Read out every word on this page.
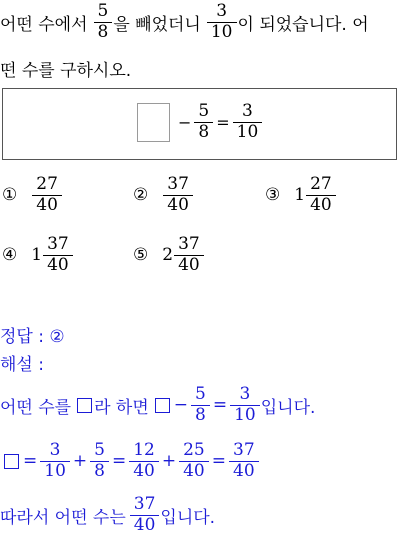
어떤 수에서 $\frac{5}{8}$ 을 빼었더니 $\frac{3}{10}$ 이 되었습니다. 어
떤 수를 구하시오.
− $\frac{5}{8} = \frac{3}{10}$
① $\frac{27}{40}$	② $\frac{37}{40}$	③ $1 \frac{27}{40}$
④ $1 \frac{37}{40}$	⑤ $2 \frac{37}{40}$
정답 : ②
해설 :
어떤 수를 라 하면 − $\frac{5}{8} = \frac{3}{10}$ 입니다.
= $\frac{3}{10} + \frac{5}{8} = \frac{12}{40} + \frac{25}{40} = \frac{37}{40}$
따라서 어떤 수는 $\frac{37}{40}$ 입니다.
